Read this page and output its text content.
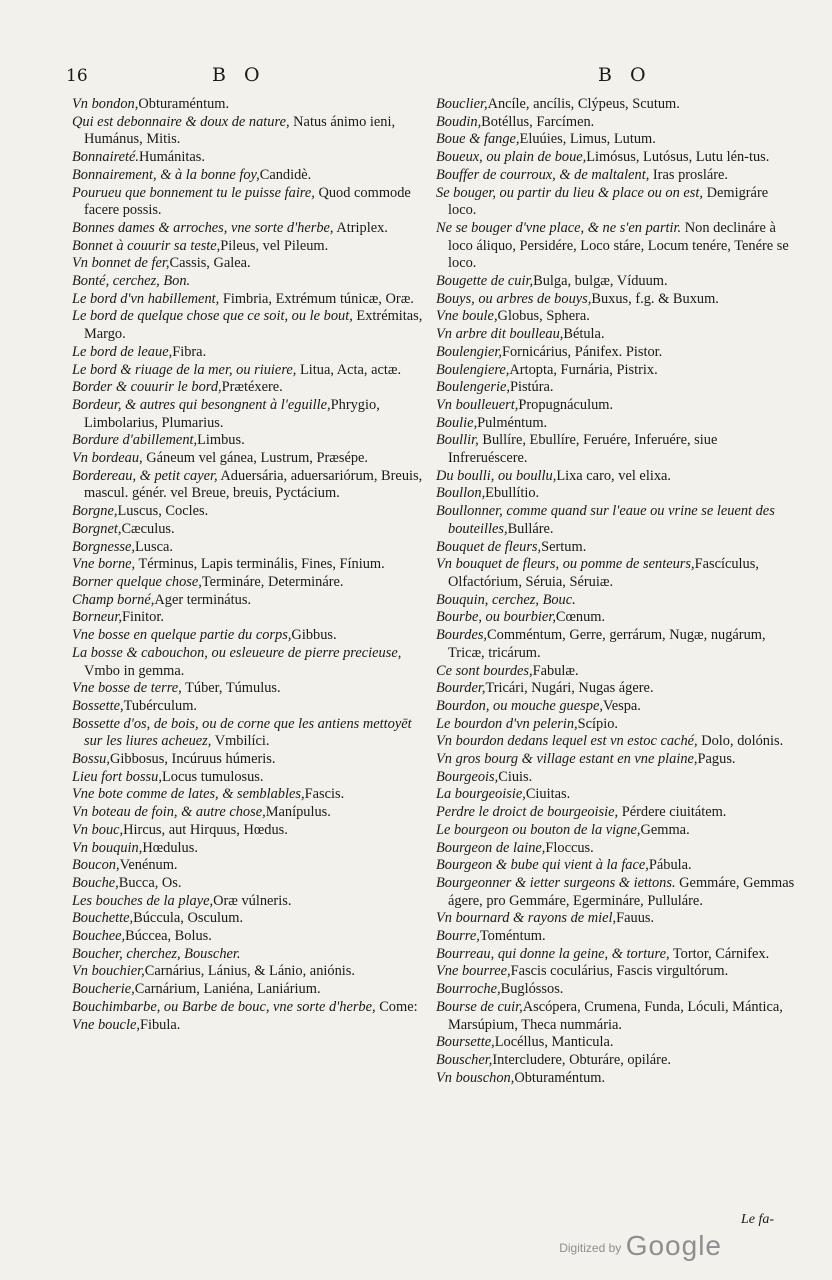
16	B O	B O

Vn bondon,Obturaméntum.

Qui est debonnaire & doux de nature, Natus ánimo ieni, Humánus, Mitis.

Bonnaireté.Humánitas.

Bonnairement, & à la bonne foy,Candidè.

Pourueu que bonnement tu le puisse faire, Quod commode facere possis.

Bonnes dames & arroches, vne sorte d'herbe, Atriplex.

Bonnet à couurir sa teste,Pileus, vel Pileum.

Vn bonnet de fer,Cassis, Galea.

Bonté, cerchez, Bon.

Le bord d'vn habillement, Fimbria, Extrémum túnicæ, Oræ.

Le bord de quelque chose que ce soit, ou le bout, Extrémitas, Margo.

Le bord de leaue,Fibra.

Le bord & riuage de la mer, ou riuiere, Litua, Acta, actæ.

Border & couurir le bord,Prætéxere.

Bordeur, & autres qui besongnent à l'eguille,Phrygio, Limbolarius, Plumarius.

Bordure d'abillement,Limbus.

Vn bordeau, Gáneum vel gánea, Lustrum, Præsépe.

Bordereau, & petit cayer, Aduersária, aduersariórum, Breuis, mascul. génér. vel Breue, breuis, Pyctácium.

Borgne,Luscus, Cocles.

Borgnet,Cæculus.

Borgnesse,Lusca.

Vne borne, Términus, Lapis terminális, Fines, Fínium.

Borner quelque chose,Termináre, Determináre.

Champ borné,Ager terminátus.

Borneur,Finitor.

Vne bosse en quelque partie du corps,Gibbus.

La bosse & cabouchon, ou esleueure de pierre precieuse, Vmbo in gemma.

Vne bosse de terre, Túber, Túmulus.

Bossette,Tubérculum.

Bossette d'os, de bois, ou de corne que les antiens mettoyēt sur les liures acheuez, Vmbilíci.

Bossu,Gibbosus, Incúruus húmeris.

Lieu fort bossu,Locus tumulosus.

Vne bote comme de lates, & semblables,Fascis.

Vn boteau de foin, & autre chose,Manípulus.

Vn bouc,Hircus, aut Hirquus, Hœdus.

Vn bouquin,Hœdulus.

Boucon,Venénum.

Bouche,Bucca, Os.

Les bouches de la playe,Oræ vúlneris.

Bouchette,Búccula, Osculum.

Bouchee,Búccea, Bolus.

Boucher, cherchez, Bouscher.

Vn bouchier,Carnárius, Lánius, & Lánio, aniónis.

Boucherie,Carnárium, Laniéna, Laniárium.

Bouchimbarbe, ou Barbe de bouc, vne sorte d'herbe, Come:

Vne boucle,Fibula.

Bouclier,Ancíle, ancílis, Clýpeus, Scutum.

Boudin,Botéllus, Farcímen.

Boue & fange,Eluúies, Limus, Lutum.

Boueux, ou plain de boue,Limósus, Lutósus, Lutu lén-tus.

Bouffer de courroux, & de maltalent, Iras prosláre.

Se bouger, ou partir du lieu & place ou on est, Demigráre loco.

Ne se bouger d'vne place, & ne s'en partir. Non declináre à loco áliquo, Persidére, Loco stáre, Locum tenére, Tenére se loco.

Bougette de cuir,Bulga, bulgæ, Víduum.

Bouys, ou arbres de bouys,Buxus, f.g. & Buxum.

Vne boule,Globus, Sphera.

Vn arbre dit boulleau,Bétula.

Boulengier,Fornicárius, Pánifex. Pistor.

Boulengiere,Artopta, Furnária, Pistrix.

Boulengerie,Pistúra.

Vn boulleuert,Propugnáculum.

Boulie,Pulméntum.

Boullir, Bullíre, Ebullíre, Feruére, Inferuére, siue Infreruéscere.

Du boulli, ou boullu,Lixa caro, vel elixa.

Boullon,Ebullítio.

Boullonner, comme quand sur l'eaue ou vrine se leuent des bouteilles,Bulláre.

Bouquet de fleurs,Sertum.

Vn bouquet de fleurs, ou pomme de senteurs,Fascículus, Olfactórium, Séruia, Séruiæ.

Bouquin, cerchez, Bouc.

Bourbe, ou bourbier,Cœnum.

Bourdes,Comméntum, Gerre, gerrárum, Nugæ, nugárum, Tricæ, tricárum.

Ce sont bourdes,Fabulæ.

Bourder,Tricári, Nugári, Nugas ágere.

Bourdon, ou mouche guespe,Vespa.

Le bourdon d'vn pelerin,Scípio.

Vn bourdon dedans lequel est vn estoc caché, Dolo, dolónis.

Vn gros bourg & village estant en vne plaine,Pagus.

Bourgeois,Ciuis.

La bourgeoisie,Ciuitas.

Perdre le droict de bourgeoisie, Pérdere ciuitátem.

Le bourgeon ou bouton de la vigne,Gemma.

Bourgeon de laine,Floccus.

Bourgeon & bube qui vient à la face,Pábula.

Bourgeonner & ietter surgeons & iettons. Gemmáre, Gemmas ágere, pro Gemmáre, Egermináre, Pulluláre.

Vn bournard & rayons de miel,Fauus.

Bourre,Toméntum.

Bourreau, qui donne la geine, & torture, Tortor, Cárnifex.

Vne bourree,Fascis coculárius, Fascis virgultórum.

Bourroche,Buglóssos.

Bourse de cuir,Ascópera, Crumena, Funda, Lóculi, Mántica, Marsúpium, Theca nummária.

Boursette,Locéllus, Manticula.

Bouscher,Intercludere, Obturáre, opiláre.

Vn bouschon,Obturaméntum.

Le fa-
Digitized by Google
